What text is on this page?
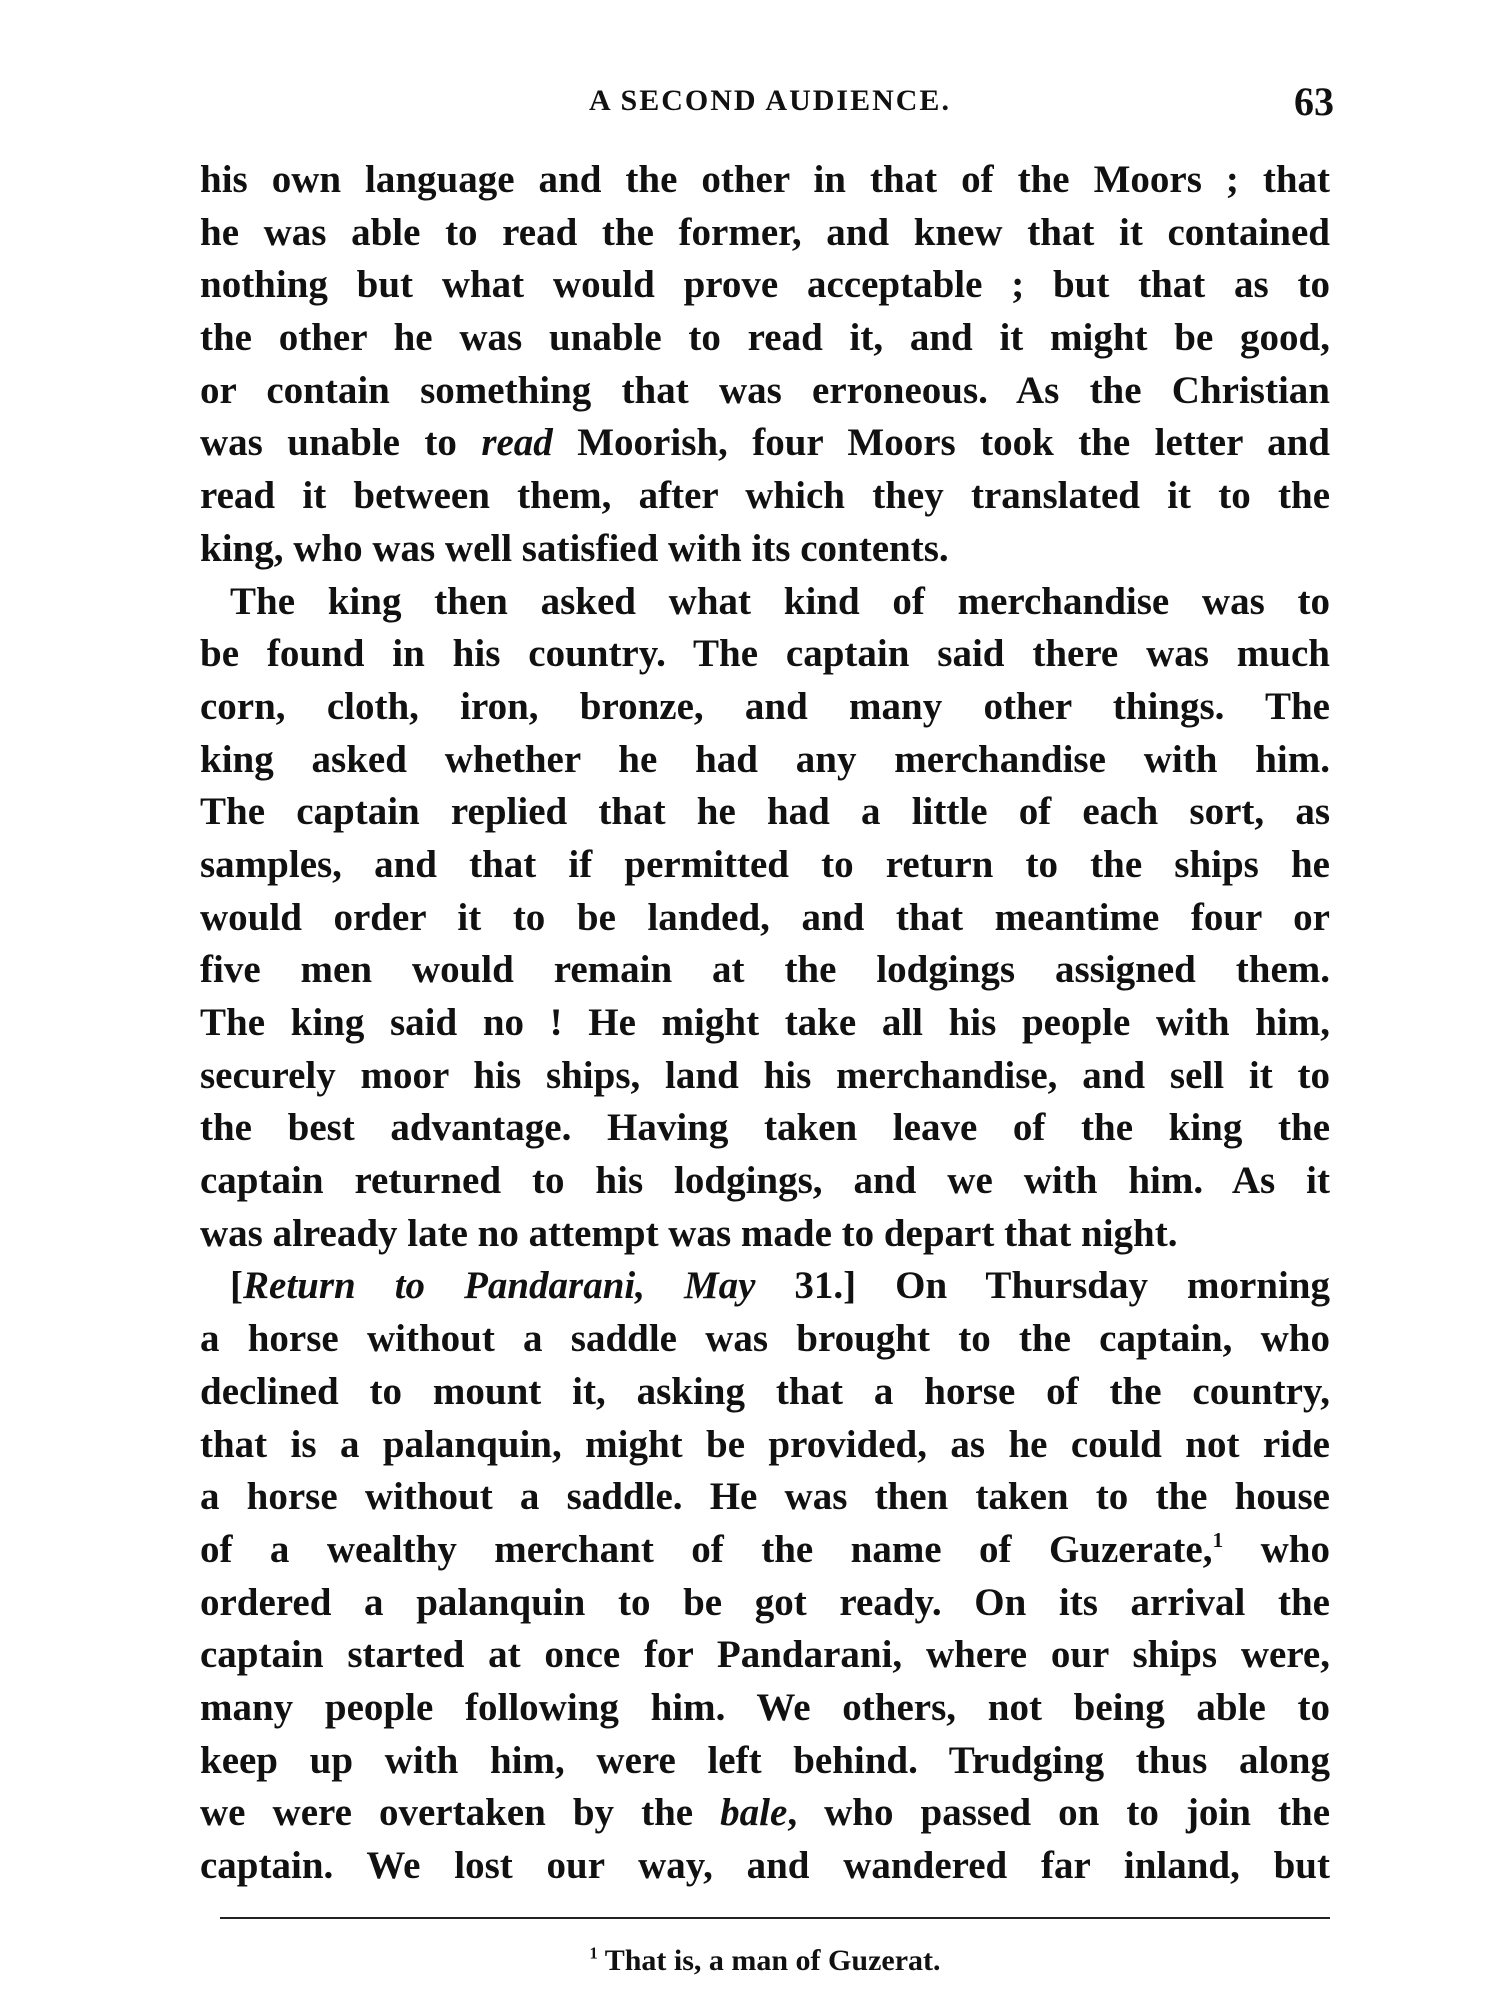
A SECOND AUDIENCE.	63
his own language and the other in that of the Moors ; that
he was able to read the former, and knew that it contained
nothing but what would prove acceptable ; but that as to
the other he was unable to read it, and it might be good,
or contain something that was erroneous. As the Christian
was unable to read Moorish, four Moors took the letter and
read it between them, after which they translated it to the
king, who was well satisfied with its contents.
The king then asked what kind of merchandise was to
be found in his country. The captain said there was much
corn, cloth, iron, bronze, and many other things. The
king asked whether he had any merchandise with him.
The captain replied that he had a little of each sort, as
samples, and that if permitted to return to the ships he
would order it to be landed, and that meantime four or
five men would remain at the lodgings assigned them.
The king said no ! He might take all his people with him,
securely moor his ships, land his merchandise, and sell it to
the best advantage. Having taken leave of the king the
captain returned to his lodgings, and we with him. As it
was already late no attempt was made to depart that night.
[Return to Pandarani, May 31.] On Thursday morning
a horse without a saddle was brought to the captain, who
declined to mount it, asking that a horse of the country,
that is a palanquin, might be provided, as he could not ride
a horse without a saddle. He was then taken to the house
of a wealthy merchant of the name of Guzerate,$^1$ who
ordered a palanquin to be got ready. On its arrival the
captain started at once for Pandarani, where our ships were,
many people following him. We others, not being able to
keep up with him, were left behind. Trudging thus along
we were overtaken by the bale, who passed on to join the
captain. We lost our way, and wandered far inland, but
$^1$ That is, a man of Guzerat.
